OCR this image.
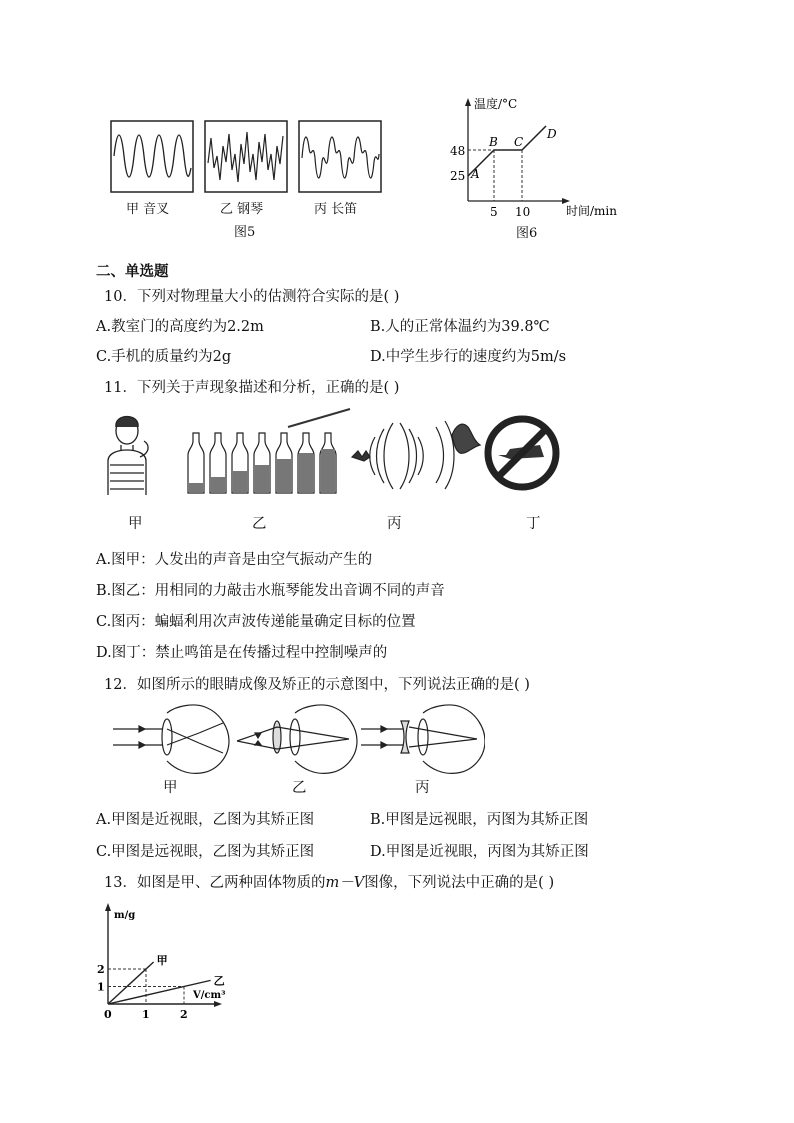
甲 音叉	乙 钢琴	丙 长笛
图5
温度/°C
48
25
5 10	时间/min
A
B C
D
图6
二、单选题
10．下列对物理量大小的估测符合实际的是( )
A.教室门的高度约为2.2m	B.人的正常体温约为39.8℃
C.手机的质量约为2g	D.中学生步行的速度约为5m/s
11．下列关于声现象描述和分析，正确的是( )
甲	乙	丙	丁
A.图甲：人发出的声音是由空气振动产生的
B.图乙：用相同的力敲击水瓶琴能发出音调不同的声音
C.图丙：蝙蝠利用次声波传递能量确定目标的位置
D.图丁：禁止鸣笛是在传播过程中控制噪声的
12．如图所示的眼睛成像及矫正的示意图中，下列说法正确的是( )
甲	乙	丙
A.甲图是近视眼，乙图为其矫正图	B.甲图是远视眼，丙图为其矫正图
C.甲图是远视眼，乙图为其矫正图	D.甲图是近视眼，丙图为其矫正图
13．如图是甲、乙两种固体物质的m－V图像，下列说法中正确的是( )
0	1	2
1
2
m/g
V/cm³
甲
乙
